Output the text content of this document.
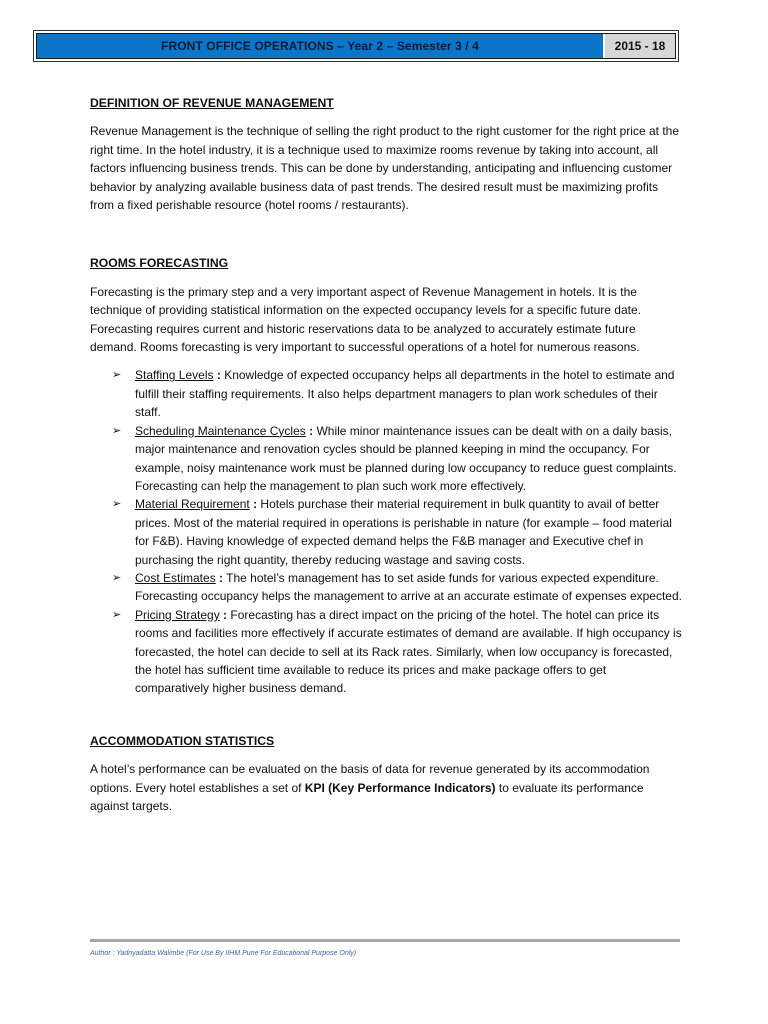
FRONT OFFICE OPERATIONS – Year 2 – Semester 3 / 4	2015 - 18
DEFINITION OF REVENUE MANAGEMENT

Revenue Management is the technique of selling the right product to the right customer for the right price at the right time. In the hotel industry, it is a technique used to maximize rooms revenue by taking into account, all factors influencing business trends. This can be done by understanding, anticipating and influencing customer behavior by analyzing available business data of past trends. The desired result must be maximizing profits from a fixed perishable resource (hotel rooms / restaurants).

ROOMS FORECASTING

Forecasting is the primary step and a very important aspect of Revenue Management in hotels. It is the technique of providing statistical information on the expected occupancy levels for a specific future date. Forecasting requires current and historic reservations data to be analyzed to accurately estimate future demand. Rooms forecasting is very important to successful operations of a hotel for numerous reasons.

➢ Staffing Levels : Knowledge of expected occupancy helps all departments in the hotel to estimate and fulfill their staffing requirements. It also helps department managers to plan work schedules of their staff.
➢ Scheduling Maintenance Cycles : While minor maintenance issues can be dealt with on a daily basis, major maintenance and renovation cycles should be planned keeping in mind the occupancy. For example, noisy maintenance work must be planned during low occupancy to reduce guest complaints. Forecasting can help the management to plan such work more effectively.
➢ Material Requirement : Hotels purchase their material requirement in bulk quantity to avail of better prices. Most of the material required in operations is perishable in nature (for example – food material for F&B). Having knowledge of expected demand helps the F&B manager and Executive chef in purchasing the right quantity, thereby reducing wastage and saving costs.
➢ Cost Estimates : The hotel’s management has to set aside funds for various expected expenditure. Forecasting occupancy helps the management to arrive at an accurate estimate of expenses expected.
➢ Pricing Strategy : Forecasting has a direct impact on the pricing of the hotel. The hotel can price its rooms and facilities more effectively if accurate estimates of demand are available. If high occupancy is forecasted, the hotel can decide to sell at its Rack rates. Similarly, when low occupancy is forecasted, the hotel has sufficient time available to reduce its prices and make package offers to get comparatively higher business demand.
ACCOMMODATION STATISTICS

A hotel’s performance can be evaluated on the basis of data for revenue generated by its accommodation options. Every hotel establishes a set of KPI (Key Performance Indicators) to evaluate its performance against targets.

Author : Yadnyadatta Walimbe (For Use By IIHM Pune For Educational Purpose Only)
